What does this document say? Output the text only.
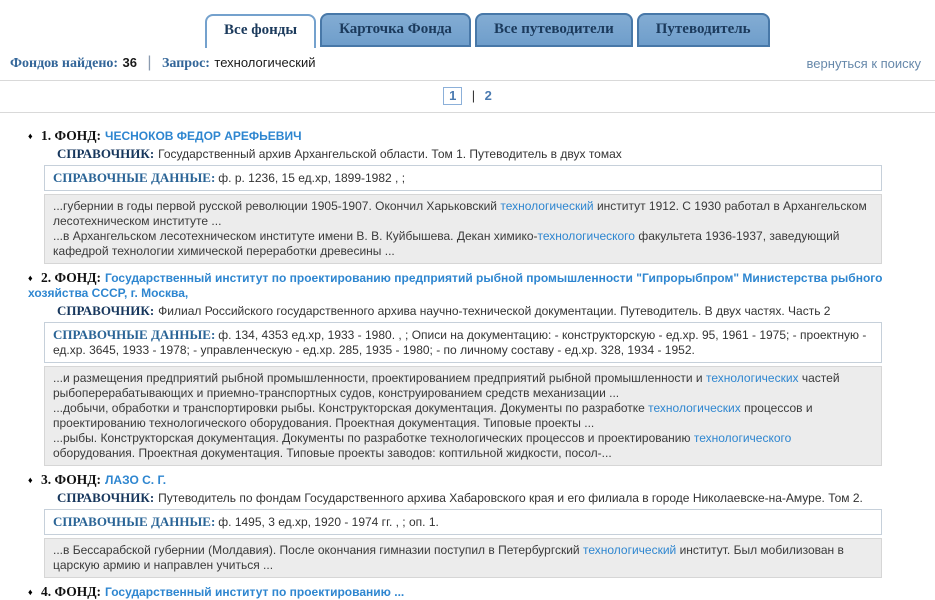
Все фонды	Карточка Фонда	Все путеводители	Путеводитель
Фондов найдено: 36 | Запрос: технологический	вернуться к поиску
1 | 2
♦ 1. ФОНД: ЧЕСНОКОВ ФЕДОР АРЕФЬЕВИЧ
СПРАВОЧНИК: Государственный архив Архангельской области. Том 1. Путеводитель в двух томах
СПРАВОЧНЫЕ ДАННЫЕ: ф. р. 1236, 15 ед.хр, 1899-1982 , ;
...губернии в годы первой русской революции 1905-1907. Окончил Харьковский технологический институт 1912. С 1930 работал в Архангельском лесотехническом институте ...
...в Архангельском лесотехническом институте имени В. В. Куйбышева. Декан химико-технологического факультета 1936-1937, заведующий кафедрой технологии химической переработки древесины ...
♦ 2. ФОНД: Государственный институт по проектированию предприятий рыбной промышленности "Гипрорыбпром" Министерства рыбного хозяйства СССР, г. Москва,
СПРАВОЧНИК: Филиал Российского государственного архива научно-технической документации. Путеводитель. В двух частях. Часть 2
СПРАВОЧНЫЕ ДАННЫЕ: ф. 134, 4353 ед.хр, 1933 - 1980. , ; Описи на документацию: - конструкторскую - ед.хр. 95, 1961 - 1975; - проектную - ед.хр. 3645, 1933 - 1978; - управленческую - ед.хр. 285, 1935 - 1980; - по личному составу - ед.хр. 328, 1934 - 1952.
...и размещения предприятий рыбной промышленности, проектированием предприятий рыбной промышленности и технологических частей рыбоперерабатывающих и приемно-транспортных судов, конструированием средств механизации ...
...добычи, обработки и транспортировки рыбы. Конструкторская документация. Документы по разработке технологических процессов и проектированию технологического оборудования. Проектная документация. Типовые проекты ...
...рыбы. Конструкторская документация. Документы по разработке технологических процессов и проектированию технологического оборудования. Проектная документация. Типовые проекты заводов: коптильной жидкости, посол-...
♦ 3. ФОНД: ЛАЗО С. Г.
СПРАВОЧНИК: Путеводитель по фондам Государственного архива Хабаровского края и его филиала в городе Николаевске-на-Амуре. Том 2.
СПРАВОЧНЫЕ ДАННЫЕ: ф. 1495, 3 ед.хр, 1920 - 1974 гг. , ; оп. 1.
...в Бессарабской губернии (Молдавия). После окончания гимназии поступил в Петербургский технологический институт. Был мобилизован в царскую армию и направлен учиться ...
♦ 4. ФОНД: Государственный институт по проектированию ...
